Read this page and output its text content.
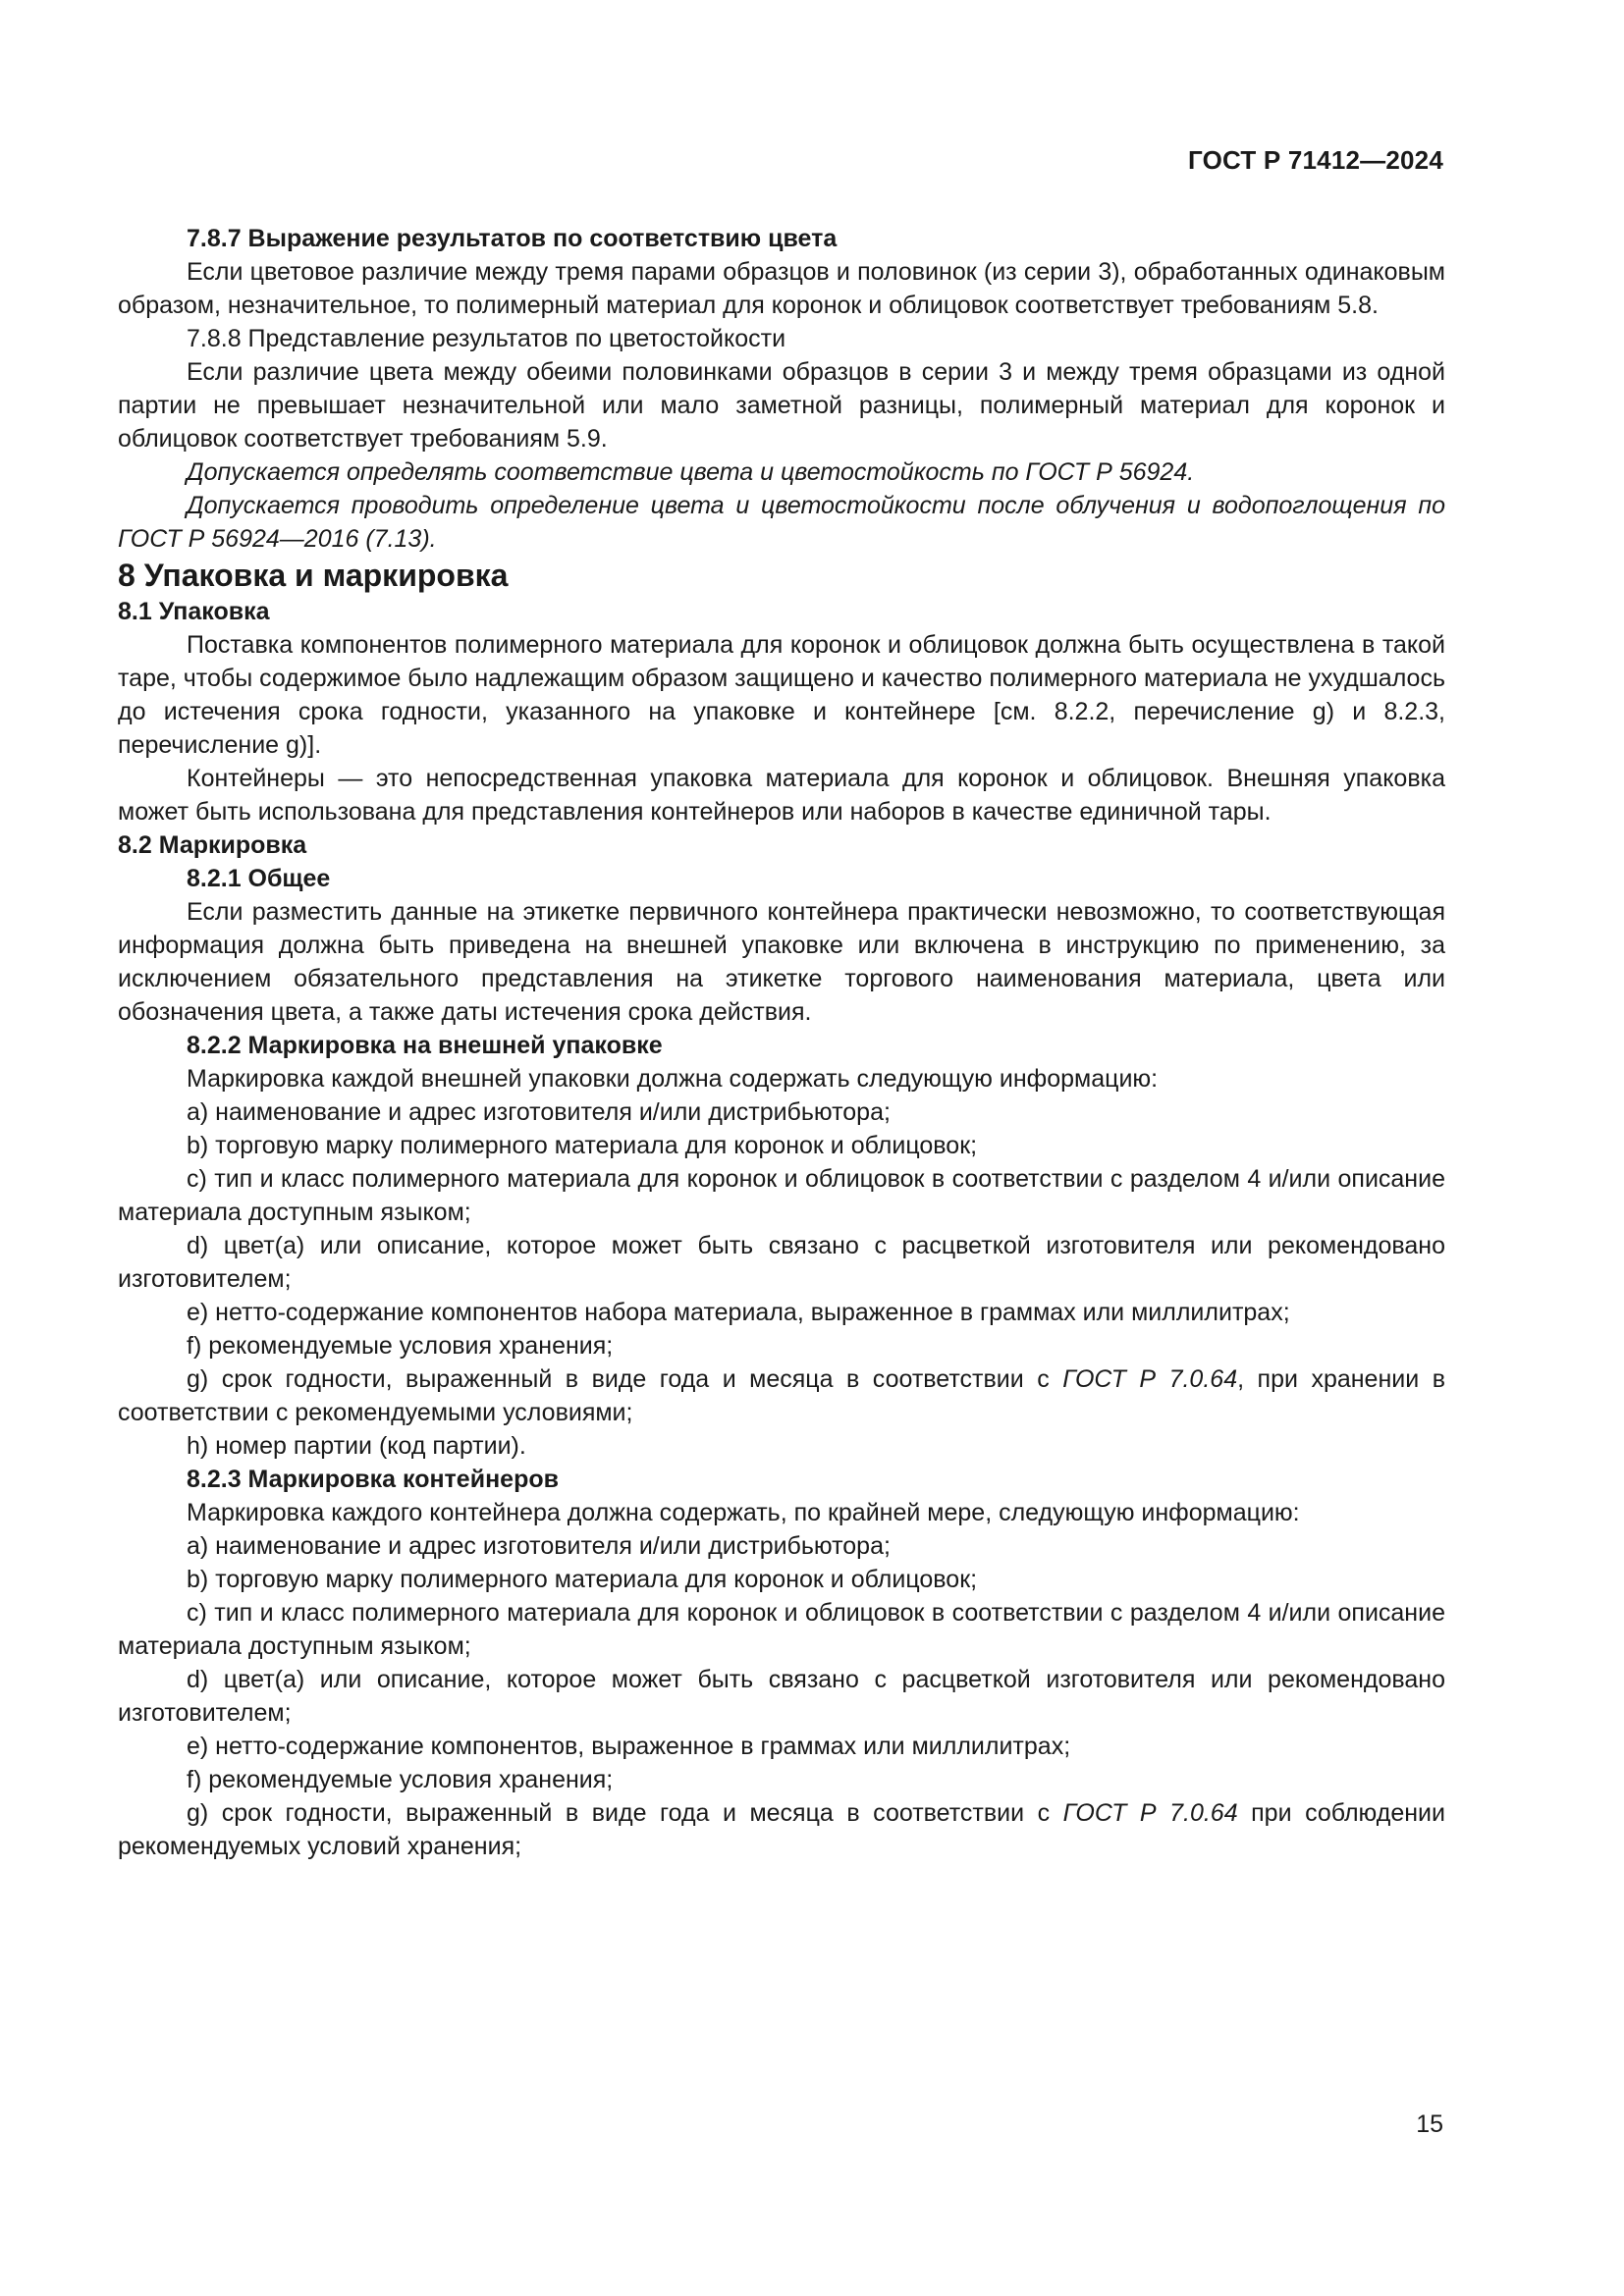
ГОСТ Р 71412—2024

7.8.7 Выражение результатов по соответствию цвета

Если цветовое различие между тремя парами образцов и половинок (из серии 3), обработанных одинаковым образом, незначительное, то полимерный материал для коронок и облицовок соответствует требованиям 5.8.

7.8.8 Представление результатов по цветостойкости

Если различие цвета между обеими половинками образцов в серии 3 и между тремя образцами из одной партии не превышает незначительной или мало заметной разницы, полимерный материал для коронок и облицовок соответствует требованиям 5.9.

Допускается определять соответствие цвета и цветостойкость по ГОСТ Р 56924.

Допускается проводить определение цвета и цветостойкости после облучения и водопоглощения по ГОСТ Р 56924—2016 (7.13).

8 Упаковка и маркировка

8.1 Упаковка

Поставка компонентов полимерного материала для коронок и облицовок должна быть осуществлена в такой таре, чтобы содержимое было надлежащим образом защищено и качество полимерного материала не ухудшалось до истечения срока годности, указанного на упаковке и контейнере [см. 8.2.2, перечисление g) и 8.2.3, перечисление g)].

Контейнеры — это непосредственная упаковка материала для коронок и облицовок. Внешняя упаковка может быть использована для представления контейнеров или наборов в качестве единичной тары.

8.2 Маркировка

8.2.1 Общее

Если разместить данные на этикетке первичного контейнера практически невозможно, то соответствующая информация должна быть приведена на внешней упаковке или включена в инструкцию по применению, за исключением обязательного представления на этикетке торгового наименования материала, цвета или обозначения цвета, а также даты истечения срока действия.

8.2.2 Маркировка на внешней упаковке

Маркировка каждой внешней упаковки должна содержать следующую информацию:

a) наименование и адрес изготовителя и/или дистрибьютора;

b) торговую марку полимерного материала для коронок и облицовок;

c) тип и класс полимерного материала для коронок и облицовок в соответствии с разделом 4 и/или описание материала доступным языком;

d) цвет(а) или описание, которое может быть связано с расцветкой изготовителя или рекомендовано изготовителем;

e) нетто-содержание компонентов набора материала, выраженное в граммах или миллилитрах;

f) рекомендуемые условия хранения;

g) срок годности, выраженный в виде года и месяца в соответствии с ГОСТ Р 7.0.64, при хранении в соответствии с рекомендуемыми условиями;

h) номер партии (код партии).

8.2.3 Маркировка контейнеров

Маркировка каждого контейнера должна содержать, по крайней мере, следующую информацию:

a) наименование и адрес изготовителя и/или дистрибьютора;

b) торговую марку полимерного материала для коронок и облицовок;

c) тип и класс полимерного материала для коронок и облицовок в соответствии с разделом 4 и/или описание материала доступным языком;

d) цвет(а) или описание, которое может быть связано с расцветкой изготовителя или рекомендовано изготовителем;

e) нетто-содержание компонентов, выраженное в граммах или миллилитрах;

f) рекомендуемые условия хранения;

g) срок годности, выраженный в виде года и месяца в соответствии с ГОСТ Р 7.0.64 при соблюдении рекомендуемых условий хранения;

15
